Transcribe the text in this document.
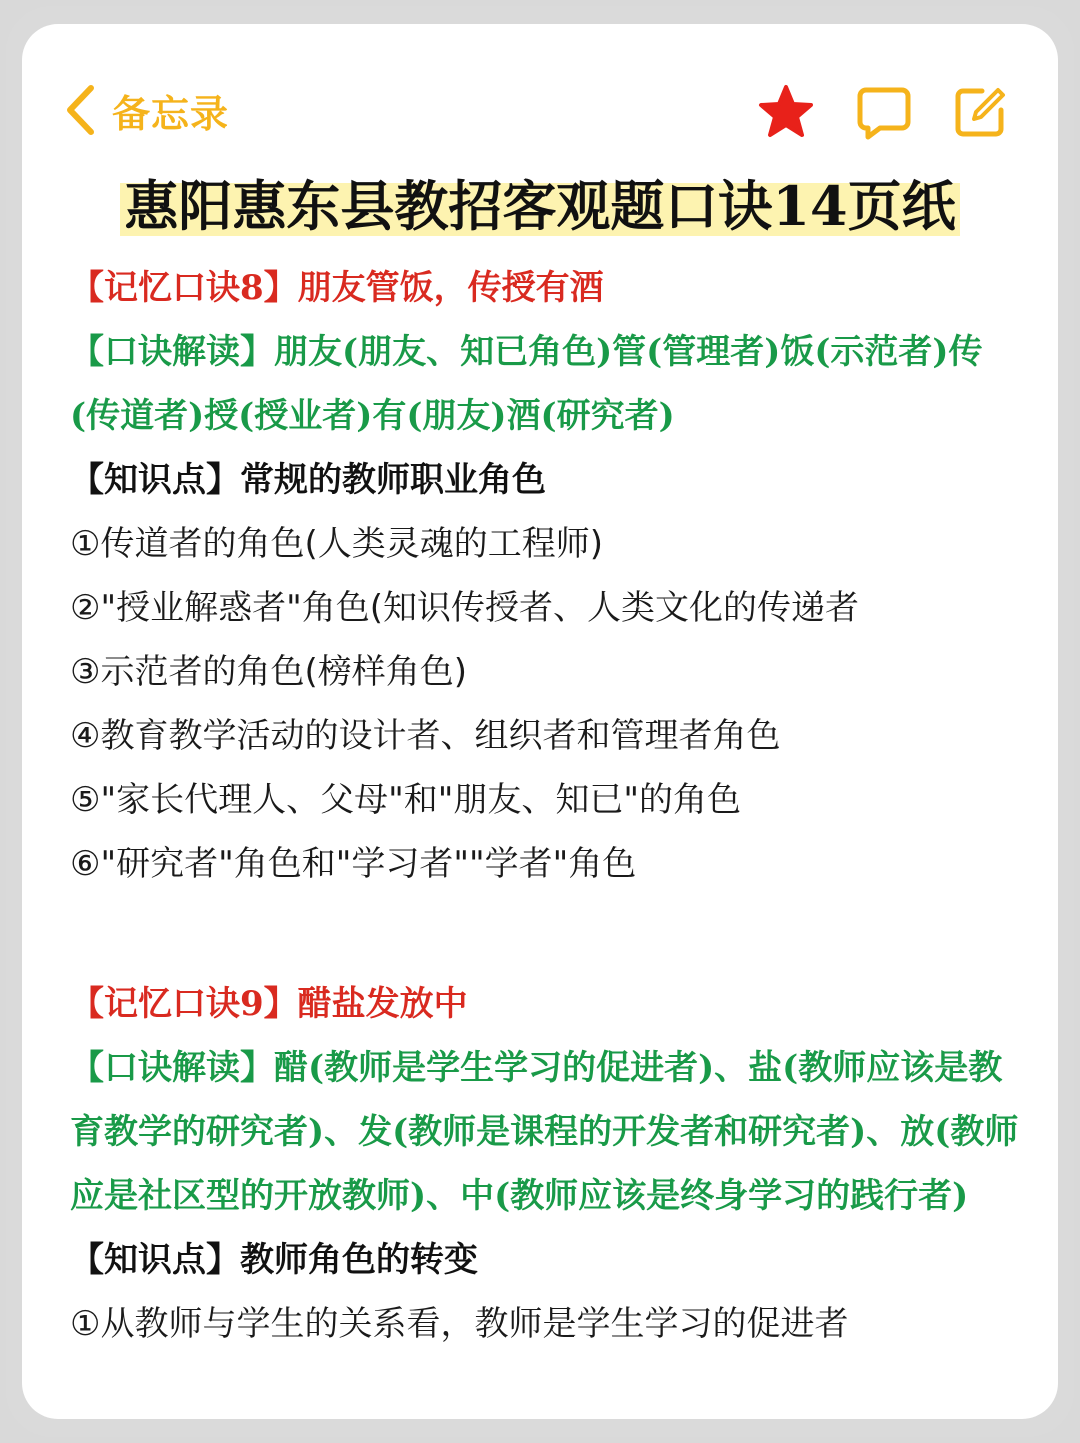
备忘录
惠阳惠东县教招客观题口诀14页纸
【记忆口诀8】朋友管饭，传授有酒
【口诀解读】朋友(朋友、知已角色)管(管理者)饭(示范者)传(传道者)授(授业者)有(朋友)酒(研究者)
【知识点】常规的教师职业角色
①传道者的角色(人类灵魂的工程师)
②"授业解惑者"角色(知识传授者、人类文化的传递者
③示范者的角色(榜样角色)
④教育教学活动的设计者、组织者和管理者角色
⑤"家长代理人、父母"和"朋友、知已"的角色
⑥"研究者"角色和"学习者""学者"角色
【记忆口诀9】醋盐发放中
【口诀解读】醋(教师是学生学习的促进者)、盐(教师应该是教育教学的研究者)、发(教师是课程的开发者和研究者)、放(教师应是社区型的开放教师)、中(教师应该是终身学习的践行者)
【知识点】教师角色的转变
①从教师与学生的关系看，教师是学生学习的促进者
